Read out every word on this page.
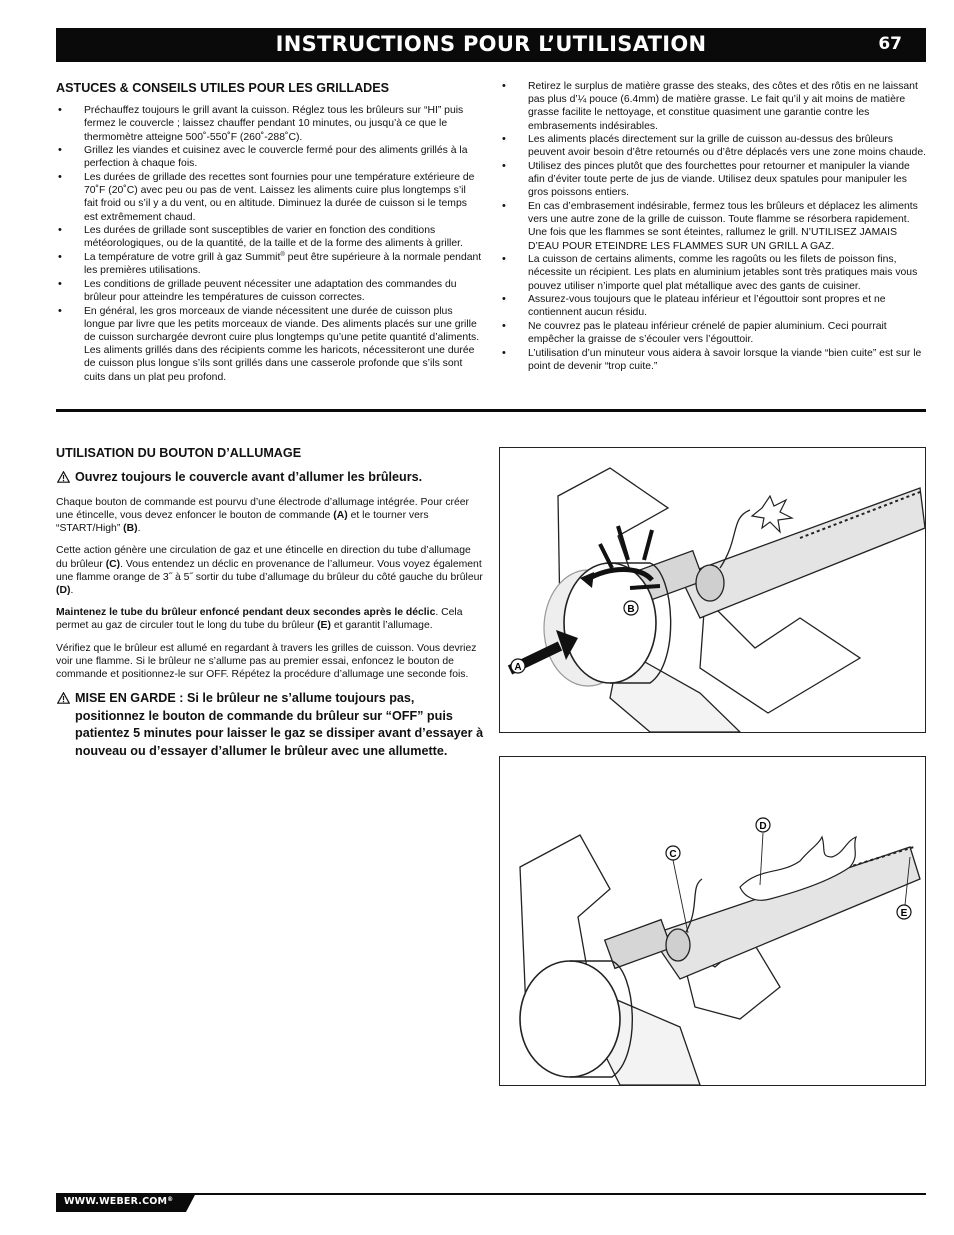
INSTRUCTIONS POUR L’UTILISATION	67
ASTUCES & CONSEILS UTILES POUR LES GRILLADES
• Préchauffez toujours le grill avant la cuisson. Réglez tous les brûleurs sur “HI” puis fermez le couvercle ; laissez chauffer pendant 10 minutes, ou jusqu’à ce que le thermomètre atteigne 500˚-550˚F (260˚-288˚C).
• Grillez les viandes et cuisinez avec le couvercle fermé pour des aliments grillés à la perfection à chaque fois.
• Les durées de grillade des recettes sont fournies pour une température extérieure de 70˚F (20˚C) avec peu ou pas de vent. Laissez les aliments cuire plus longtemps s’il fait froid ou s’il y a du vent, ou en altitude. Diminuez la durée de cuisson si le temps est extrêmement chaud.
• Les durées de grillade sont susceptibles de varier en fonction des conditions météorologiques, ou de la quantité, de la taille et de la forme des aliments à griller.
• La température de votre grill à gaz Summit® peut être supérieure à la normale pendant les premières utilisations.
• Les conditions de grillade peuvent nécessiter une adaptation des commandes du brûleur pour atteindre les températures de cuisson correctes.
• En général, les gros morceaux de viande nécessitent une durée de cuisson plus longue par livre que les petits morceaux de viande. Des aliments placés sur une grille de cuisson surchargée devront cuire plus longtemps qu’une petite quantité d’aliments. Les aliments grillés dans des récipients comme les haricots, nécessiteront une durée de cuisson plus longue s’ils sont grillés dans une casserole profonde que s’ils sont cuits dans un plat peu profond.
• Retirez le surplus de matière grasse des steaks, des côtes et des rôtis en ne laissant pas plus d’¼ pouce (6.4mm) de matière grasse. Le fait qu’il y ait moins de matière grasse facilite le nettoyage, et constitue quasiment une garantie contre les embrasements indésirables.
• Les aliments placés directement sur la grille de cuisson au-dessus des brûleurs peuvent avoir besoin d’être retournés ou d’être déplacés vers une zone moins chaude.
• Utilisez des pinces plutôt que des fourchettes pour retourner et manipuler la viande afin d’éviter toute perte de jus de viande. Utilisez deux spatules pour manipuler les gros poissons entiers.
• En cas d’embrasement indésirable, fermez tous les brûleurs et déplacez les aliments vers une autre zone de la grille de cuisson. Toute flamme se résorbera rapidement. Une fois que les flammes se sont éteintes, rallumez le grill. N’UTILISEZ JAMAIS D’EAU POUR ETEINDRE LES FLAMMES SUR UN GRILL A GAZ.
• La cuisson de certains aliments, comme les ragoûts ou les filets de poisson fins, nécessite un récipient. Les plats en aluminium jetables sont très pratiques mais vous pouvez utiliser n’importe quel plat métallique avec des gants de cuisiner.
• Assurez-vous toujours que le plateau inférieur et l’égouttoir sont propres et ne contiennent aucun résidu.
• Ne couvrez pas le plateau inférieur crénelé de papier aluminium. Ceci pourrait empêcher la graisse de s’écouler vers l’égouttoir.
• L’utilisation d’un minuteur vous aidera à savoir lorsque la viande “bien cuite” est sur le point de devenir “trop cuite.”
UTILISATION DU BOUTON D’ALLUMAGE
Ouvrez toujours le couvercle avant d’allumer les brûleurs.

Chaque bouton de commande est pourvu d’une électrode d’allumage intégrée. Pour créer une étincelle, vous devez enfoncer le bouton de commande (A) et le tourner vers “START/High” (B).

Cette action génère une circulation de gaz et une étincelle en direction du tube d’allumage du brûleur (C). Vous entendez un déclic en provenance de l’allumeur. Vous voyez également une flamme orange de 3˝ à 5˝ sortir du tube d’allumage du brûleur du côté gauche du brûleur (D).

Maintenez le tube du brûleur enfoncé pendant deux secondes après le déclic. Cela permet au gaz de circuler tout le long du tube du brûleur (E) et garantit l’allumage.

Vérifiez que le brûleur est allumé en regardant à travers les grilles de cuisson. Vous devriez voir une flamme. Si le brûleur ne s’allume pas au premier essai, enfoncez le bouton de commande et positionnez-le sur OFF. Répétez la procédure d’allumage une seconde fois.

MISE EN GARDE : Si le brûleur ne s’allume toujours pas, positionnez le bouton de commande du brûleur sur “OFF” puis patientez 5 minutes pour laisser le gaz se dissiper avant d’essayer à nouveau ou d’essayer d’allumer le brûleur avec une allumette.
B
A
C
D
E
WWW.WEBER.COM®
